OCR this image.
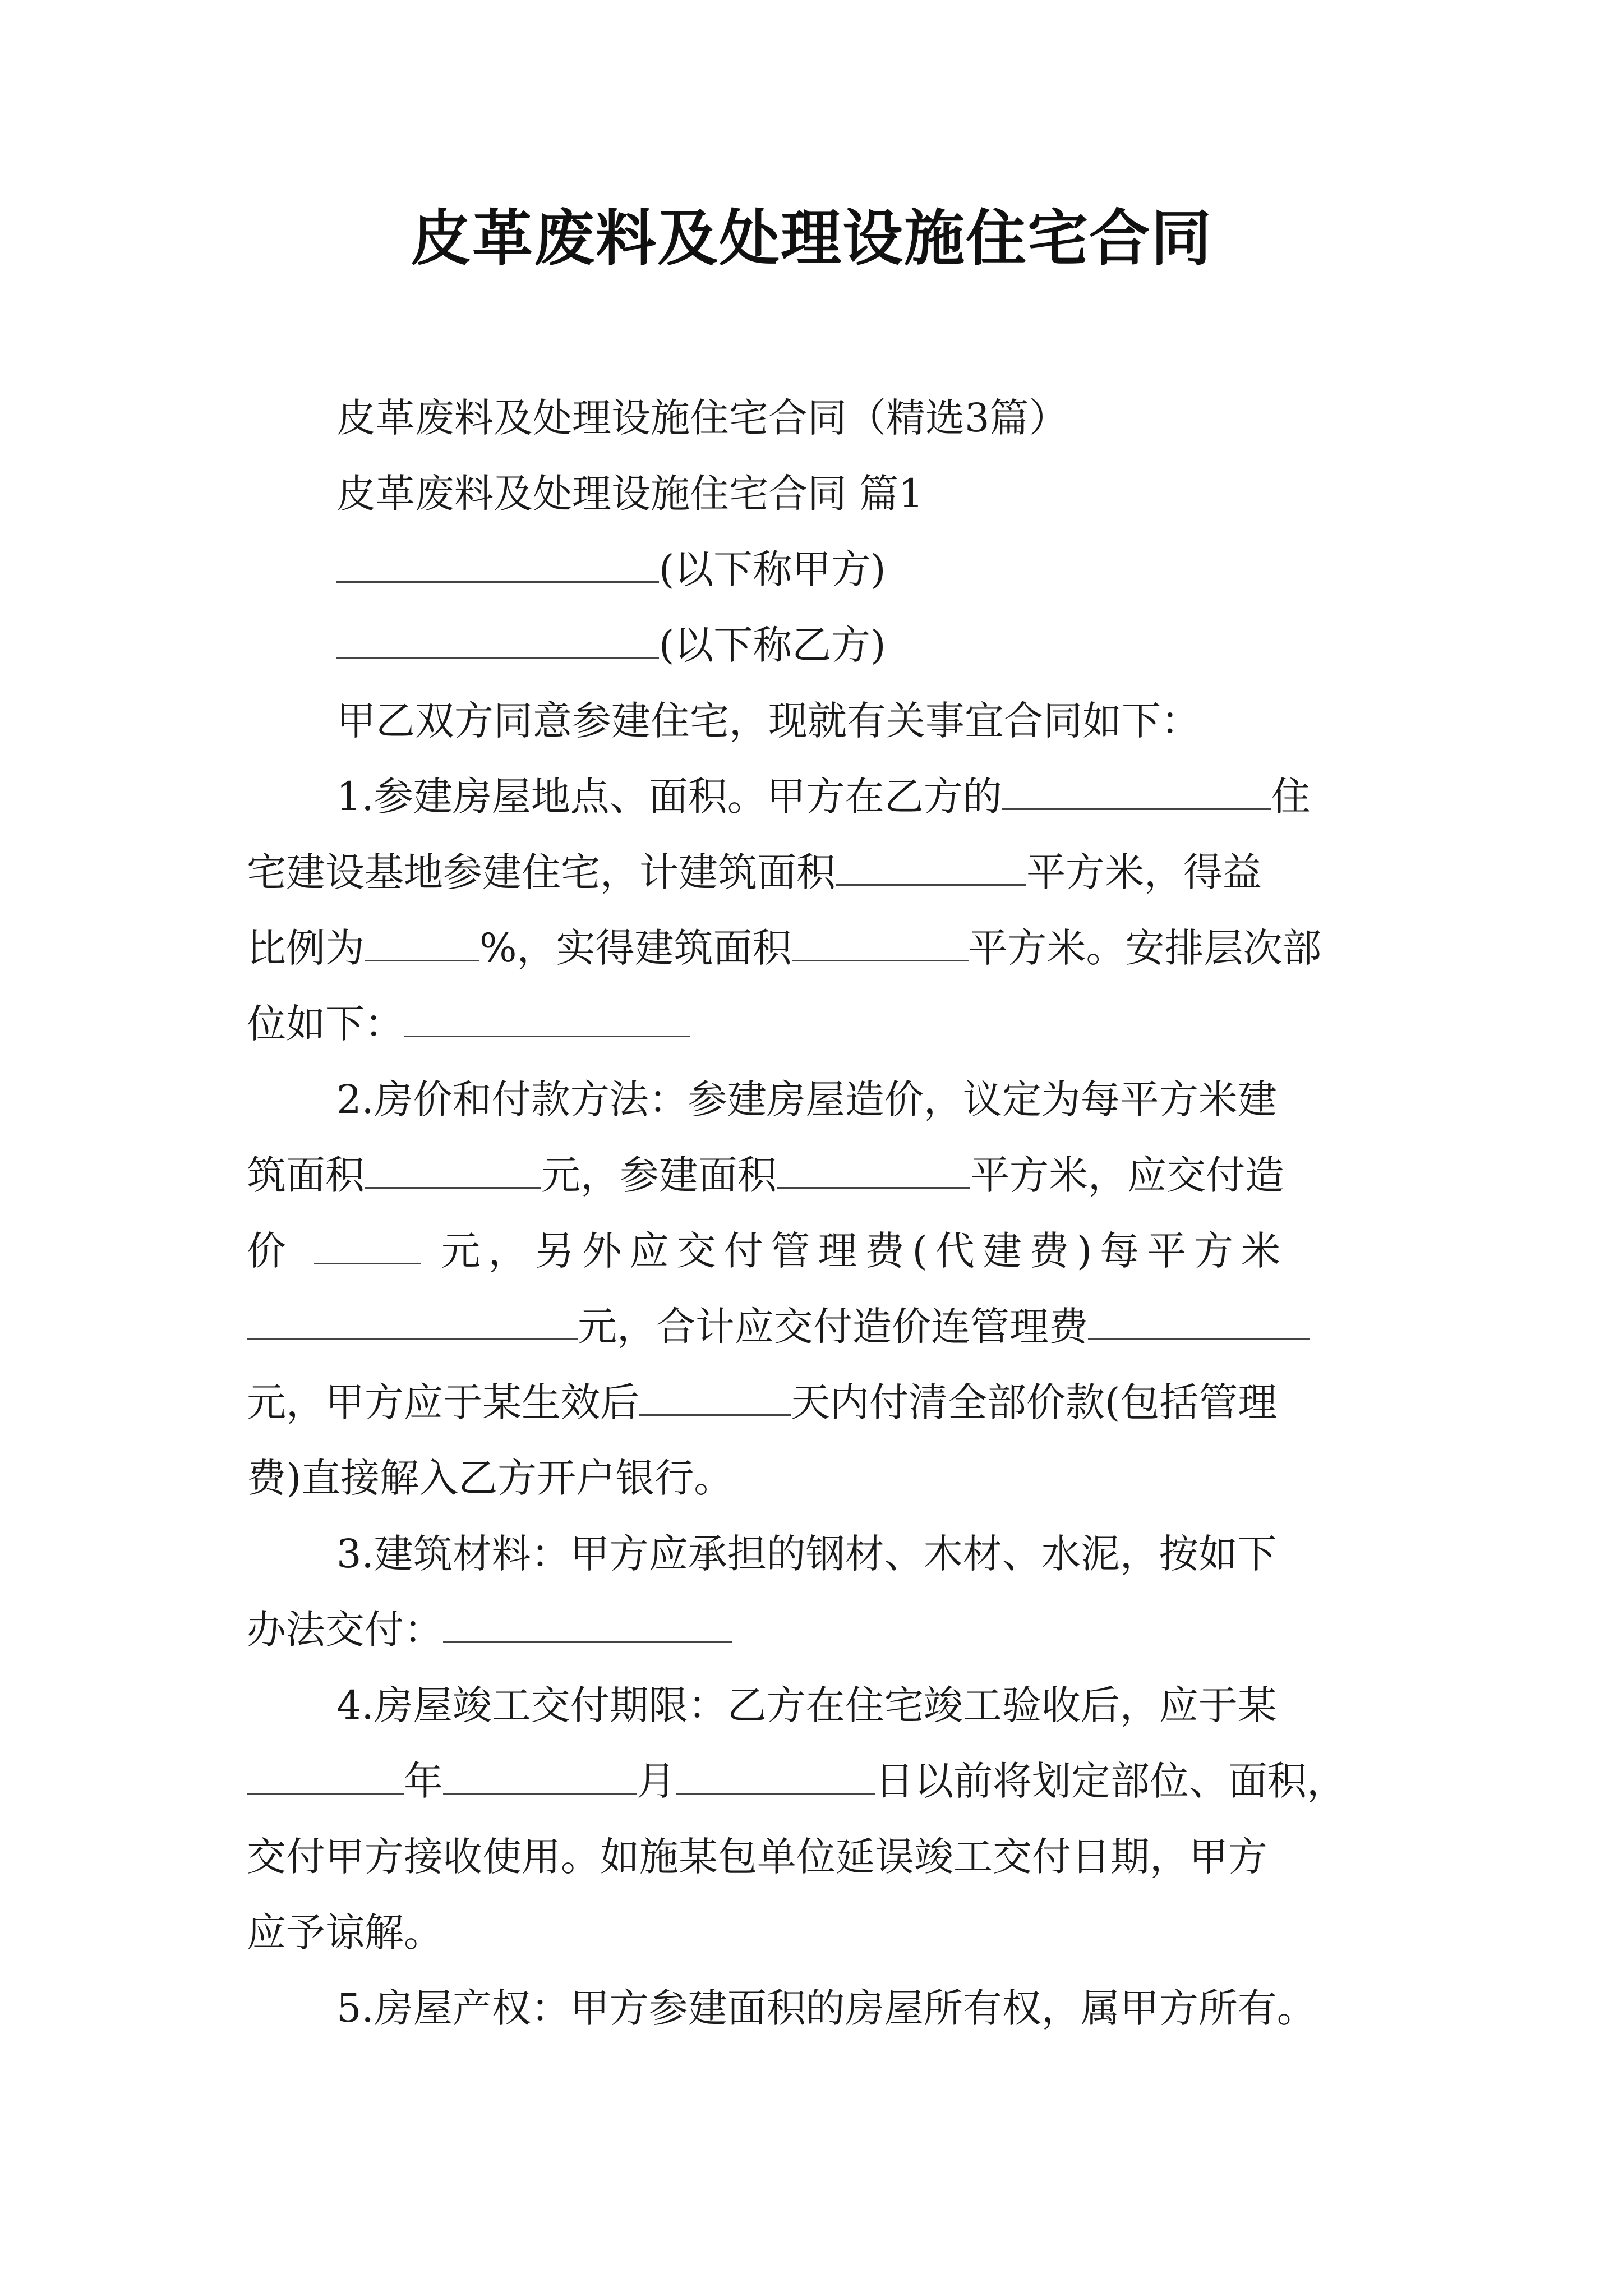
皮革废料及处理设施住宅合同
皮革废料及处理设施住宅合同（精选3篇）
皮革废料及处理设施住宅合同 篇1
(以下称甲方)
(以下称乙方)
甲乙双方同意参建住宅，现就有关事宜合同如下：
1.参建房屋地点、面积。甲方在乙方的	住
宅建设基地参建住宅，计建筑面积	平方米，得益
比例为	%，实得建筑面积	平方米。安排层次部
位如下：
2.房价和付款方法：参建房屋造价，议定为每平方米建
筑面积	元，参建面积	平方米，应交付造
价	元，另外应交付管理费(代建费)每平方米
元，合计应交付造价连管理费
元，甲方应于某生效后	天内付清全部价款(包括管理
费)直接解入乙方开户银行。
3.建筑材料：甲方应承担的钢材、木材、水泥，按如下
办法交付：
4.房屋竣工交付期限：乙方在住宅竣工验收后，应于某
年	月	日以前将划定部位、面积，
交付甲方接收使用。如施某包单位延误竣工交付日期，甲方
应予谅解。
5.房屋产权：甲方参建面积的房屋所有权，属甲方所有。
